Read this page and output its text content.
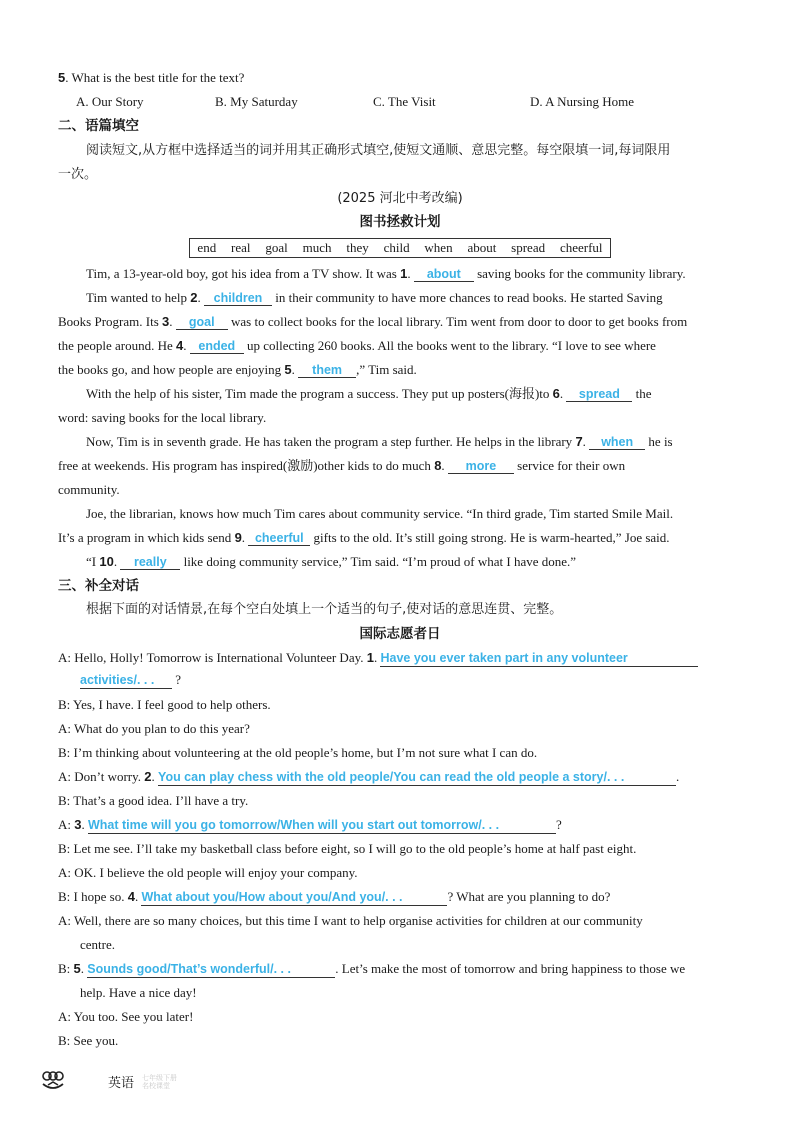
5. What is the best title for the text?
A. Our Story	B. My Saturday	C. The Visit	D. A Nursing Home
二、语篇填空
阅读短文,从方框中选择适当的词并用其正确形式填空,使短文通顺、意思完整。每空限填一词,每词限用
一次。
(2025 河北中考改编)
图书拯救计划
end real goal much they child when about spread cheerful
Tim, a 13-year-old boy, got his idea from a TV show. It was 1. about saving books for the community library.
Tim wanted to help 2. children in their community to have more chances to read books. He started Saving
Books Program. Its 3. goal was to collect books for the local library. Tim went from door to door to get books from
the people around. He 4. ended up collecting 260 books. All the books went to the library. “I love to see where
the books go, and how people are enjoying 5. them ,” Tim said.
With the help of his sister, Tim made the program a success. They put up posters(海报)to 6. spread the
word: saving books for the local library.
Now, Tim is in seventh grade. He has taken the program a step further. He helps in the library 7. when he is
free at weekends. His program has inspired(激励)other kids to do much 8. more service for their own
community.
Joe, the librarian, knows how much Tim cares about community service. “In third grade, Tim started Smile Mail.
It’s a program in which kids send 9. cheerful gifts to the old. It’s still going strong. He is warm-hearted,” Joe said.
“I 10. really like doing community service,” Tim said. “I’m proud of what I have done.”
三、补全对话
根据下面的对话情景,在每个空白处填上一个适当的句子,使对话的意思连贯、完整。
国际志愿者日
A: Hello, Holly! Tomorrow is International Volunteer Day. 1. Have you ever taken part in any volunteer
activities/. . . ?
B: Yes, I have. I feel good to help others.
A: What do you plan to do this year?
B: I’m thinking about volunteering at the old people’s home, but I’m not sure what I can do.
A: Don’t worry. 2. You can play chess with the old people/You can read the old people a story/. . .	.
B: That’s a good idea. I’ll have a try.
A: 3. What time will you go tomorrow/When will you start out tomorrow/. . .	?
B: Let me see. I’ll take my basketball class before eight, so I will go to the old people’s home at half past eight.
A: OK. I believe the old people will enjoy your company.
B: I hope so. 4. What about you/How about you/And you/. . .	? What are you planning to do?
A: Well, there are so many choices, but this time I want to help organise activities for children at our community
centre.
B: 5. Sounds good/That’s wonderful/. . .	. Let’s make the most of tomorrow and bring happiness to those we
help. Have a nice day!
A: You too. See you later!
B: See you.
英语 七年级下册
名校课堂
